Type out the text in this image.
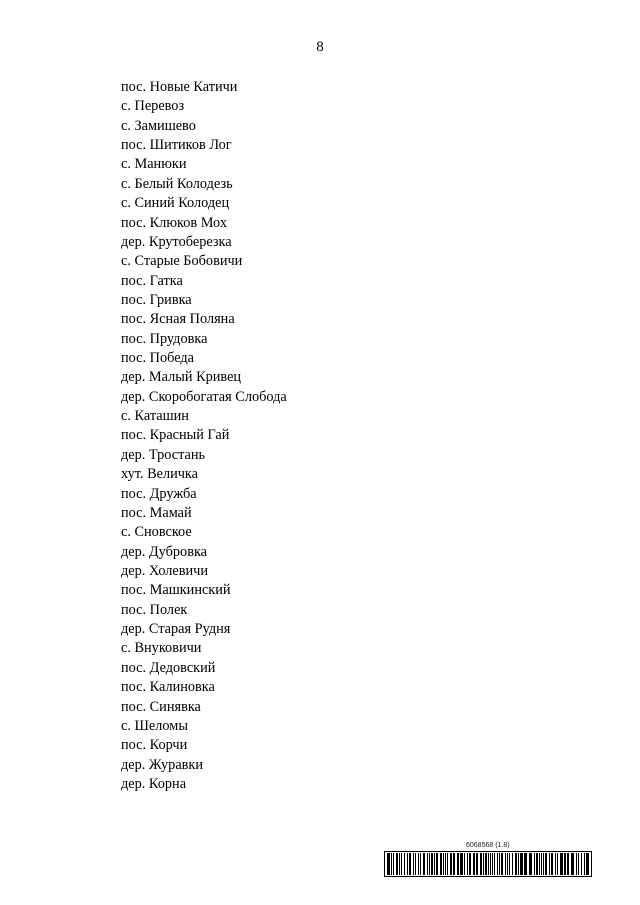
8
пос. Новые Катичи
с. Перевоз
с. Замишево
пос. Шитиков Лог
с. Манюки
с. Белый Колодезь
с. Синий Колодец
пос. Клюков Мох
дер. Крутоберезка
с. Старые Бобовичи
пос. Гатка
пос. Гривка
пос. Ясная Поляна
пос. Прудовка
пос. Победа
дер. Малый Кривец
дер. Скоробогатая Слобода
с. Каташин
пос. Красный Гай
дер. Тростань
хут. Величка
пос. Дружба
пос. Мамай
с. Сновское
дер. Дубровка
дер. Холевичи
пос. Машкинский
пос. Полек
дер. Старая Рудня
с. Внуковичи
пос. Дедовский
пос. Калиновка
пос. Синявка
с. Шеломы
пос. Корчи
дер. Журавки
дер. Корна
6068568 (1.8)
